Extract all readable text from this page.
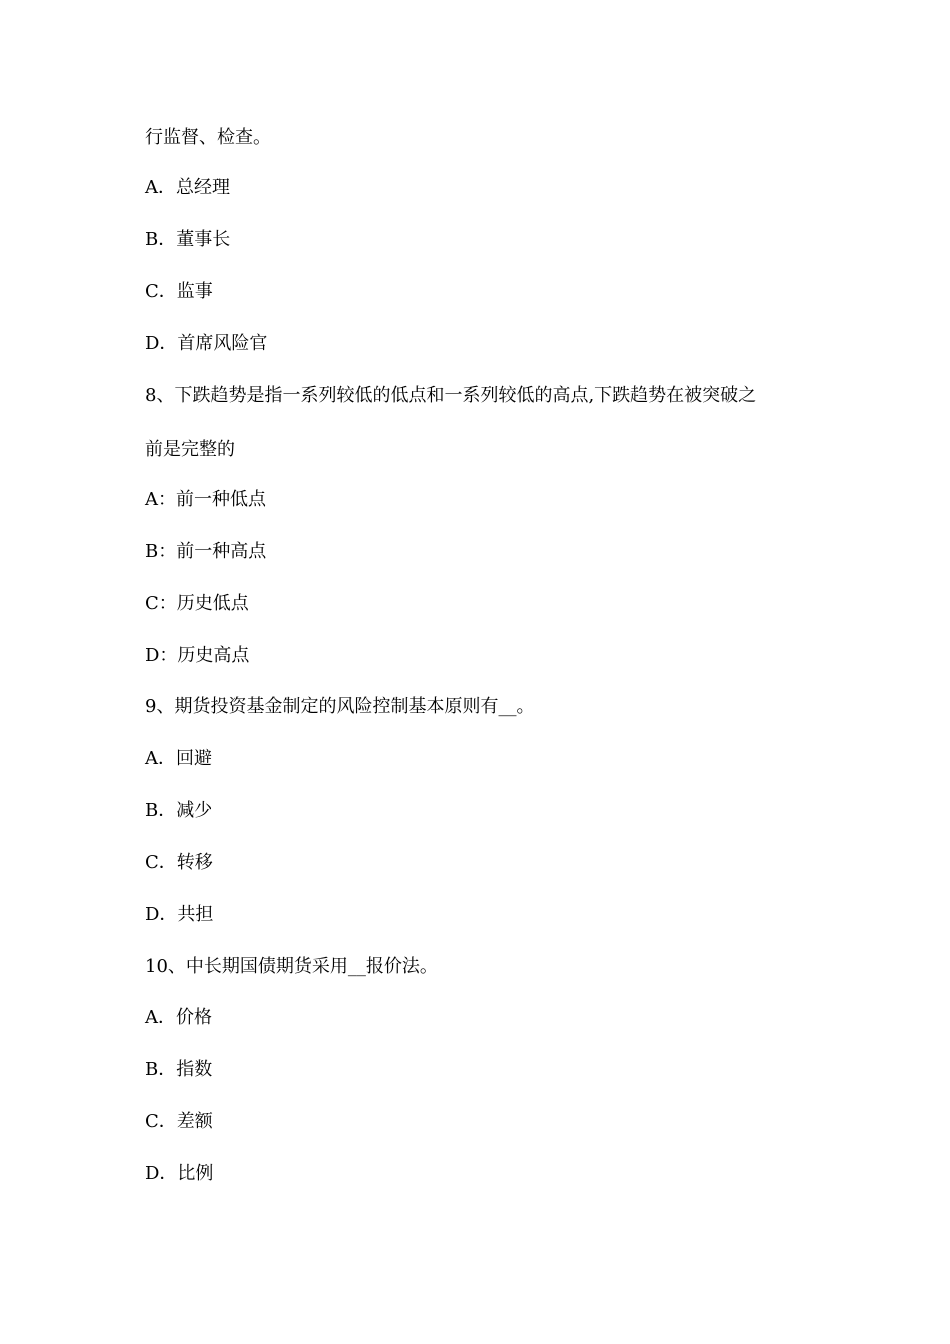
行监督、检查。
A．总经理
B．董事长
C．监事
D．首席风险官
8、下跌趋势是指一系列较低的低点和一系列较低的高点,下跌趋势在被突破之
前是完整的
A：前一种低点
B：前一种高点
C：历史低点
D：历史高点
9、期货投资基金制定的风险控制基本原则有__。
A．回避
B．减少
C．转移
D．共担
10、中长期国债期货采用__报价法。
A．价格
B．指数
C．差额
D．比例
